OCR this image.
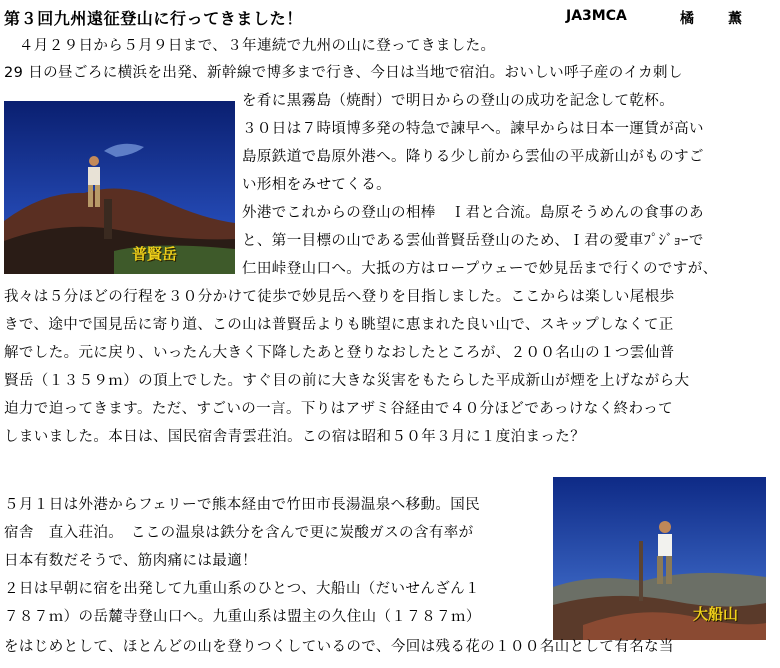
第３回九州遠征登山に行ってきました！	JA3MCA	橘　薫
普賢岳
大船山
　４月２９日から５月９日まで、３年連続で九州の山に登ってきました。
29 日の昼ごろに横浜を出発、新幹線で博多まで行き、今日は当地で宿泊。おいしい呼子産のイカ刺し
を肴に黒霧島（焼酎）で明日からの登山の成功を記念して乾杯。
３０日は７時頃博多発の特急で諫早へ。諫早からは日本一運賃が高い
島原鉄道で島原外港へ。降りる少し前から雲仙の平成新山がものすご
い形相をみせてくる。
外港でこれからの登山の相棒　Ｉ君と合流。島原そうめんの食事のあ
と、第一目標の山である雲仙普賢岳登山のため、Ｉ君の愛車ﾌﾟｼﾞｮｰで
仁田峠登山口へ。大抵の方はロープウェーで妙見岳まで行くのですが、
我々は５分ほどの行程を３０分かけて徒歩で妙見岳へ登りを目指しました。ここからは楽しい尾根歩
きで、途中で国見岳に寄り道、この山は普賢岳よりも眺望に恵まれた良い山で、スキップしなくて正
解でした。元に戻り、いったん大きく下降したあと登りなおしたところが、２００名山の１つ雲仙普
賢岳（１３５９ｍ）の頂上でした。すぐ目の前に大きな災害をもたらした平成新山が煙を上げながら大
迫力で迫ってきます。ただ、すごいの一言。下りはアザミ谷経由で４０分ほどであっけなく終わって
しまいました。本日は、国民宿舎青雲荘泊。この宿は昭和５０年３月に１度泊まった？
５月１日は外港からフェリーで熊本経由で竹田市長湯温泉へ移動。国民
宿舎　直入荘泊。　ここの温泉は鉄分を含んで更に炭酸ガスの含有率が
日本有数だそうで、筋肉痛には最適！
２日は早朝に宿を出発して九重山系のひとつ、大船山（だいせんざん１
７８７ｍ）の岳麓寺登山口へ。九重山系は盟主の久住山（１７８７ｍ）
をはじめとして、ほとんどの山を登りつくしているので、今回は残る花の１００名山として有名な当
